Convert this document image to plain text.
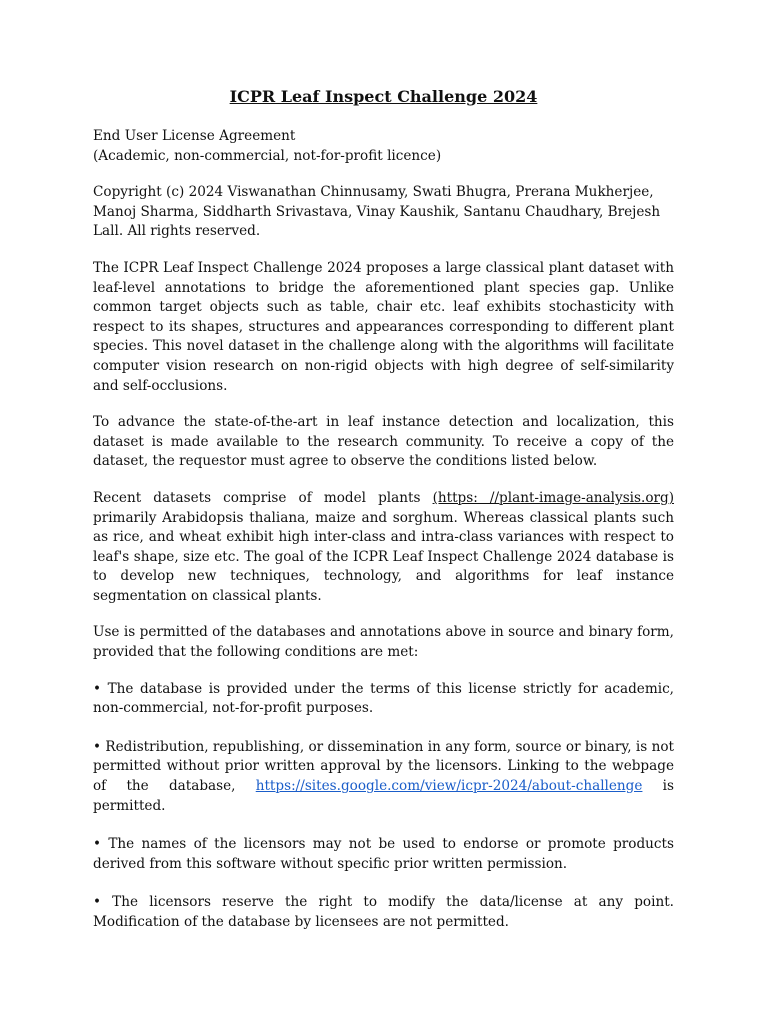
ICPR Leaf Inspect Challenge 2024

End User License Agreement
(Academic, non-commercial, not-for-profit licence)

Copyright (c) 2024 Viswanathan Chinnusamy, Swati Bhugra, Prerana Mukherjee, Manoj Sharma, Siddharth Srivastava, Vinay Kaushik, Santanu Chaudhary, Brejesh Lall. All rights reserved.

The ICPR Leaf Inspect Challenge 2024 proposes a large classical plant dataset with leaf-level annotations to bridge the aforementioned plant species gap. Unlike common target objects such as table, chair etc. leaf exhibits stochasticity with respect to its shapes, structures and appearances corresponding to different plant species. This novel dataset in the challenge along with the algorithms will facilitate computer vision research on non-rigid objects with high degree of self-similarity and self-occlusions.

To advance the state-of-the-art in leaf instance detection and localization, this dataset is made available to the research community. To receive a copy of the dataset, the requestor must agree to observe the conditions listed below.

Recent datasets comprise of model plants (https: //plant-image-analysis.org) primarily Arabidopsis thaliana, maize and sorghum. Whereas classical plants such as rice, and wheat exhibit high inter-class and intra-class variances with respect to leaf's shape, size etc. The goal of the ICPR Leaf Inspect Challenge 2024 database is to develop new techniques, technology, and algorithms for leaf instance segmentation on classical plants.

Use is permitted of the databases and annotations above in source and binary form, provided that the following conditions are met:

• The database is provided under the terms of this license strictly for academic, non-commercial, not-for-profit purposes.

• Redistribution, republishing, or dissemination in any form, source or binary, is not permitted without prior written approval by the licensors. Linking to the webpage of the database, https://sites.google.com/view/icpr-2024/about-challenge is permitted.

• The names of the licensors may not be used to endorse or promote products derived from this software without specific prior written permission.

• The licensors reserve the right to modify the data/license at any point. Modification of the database by licensees are not permitted.
